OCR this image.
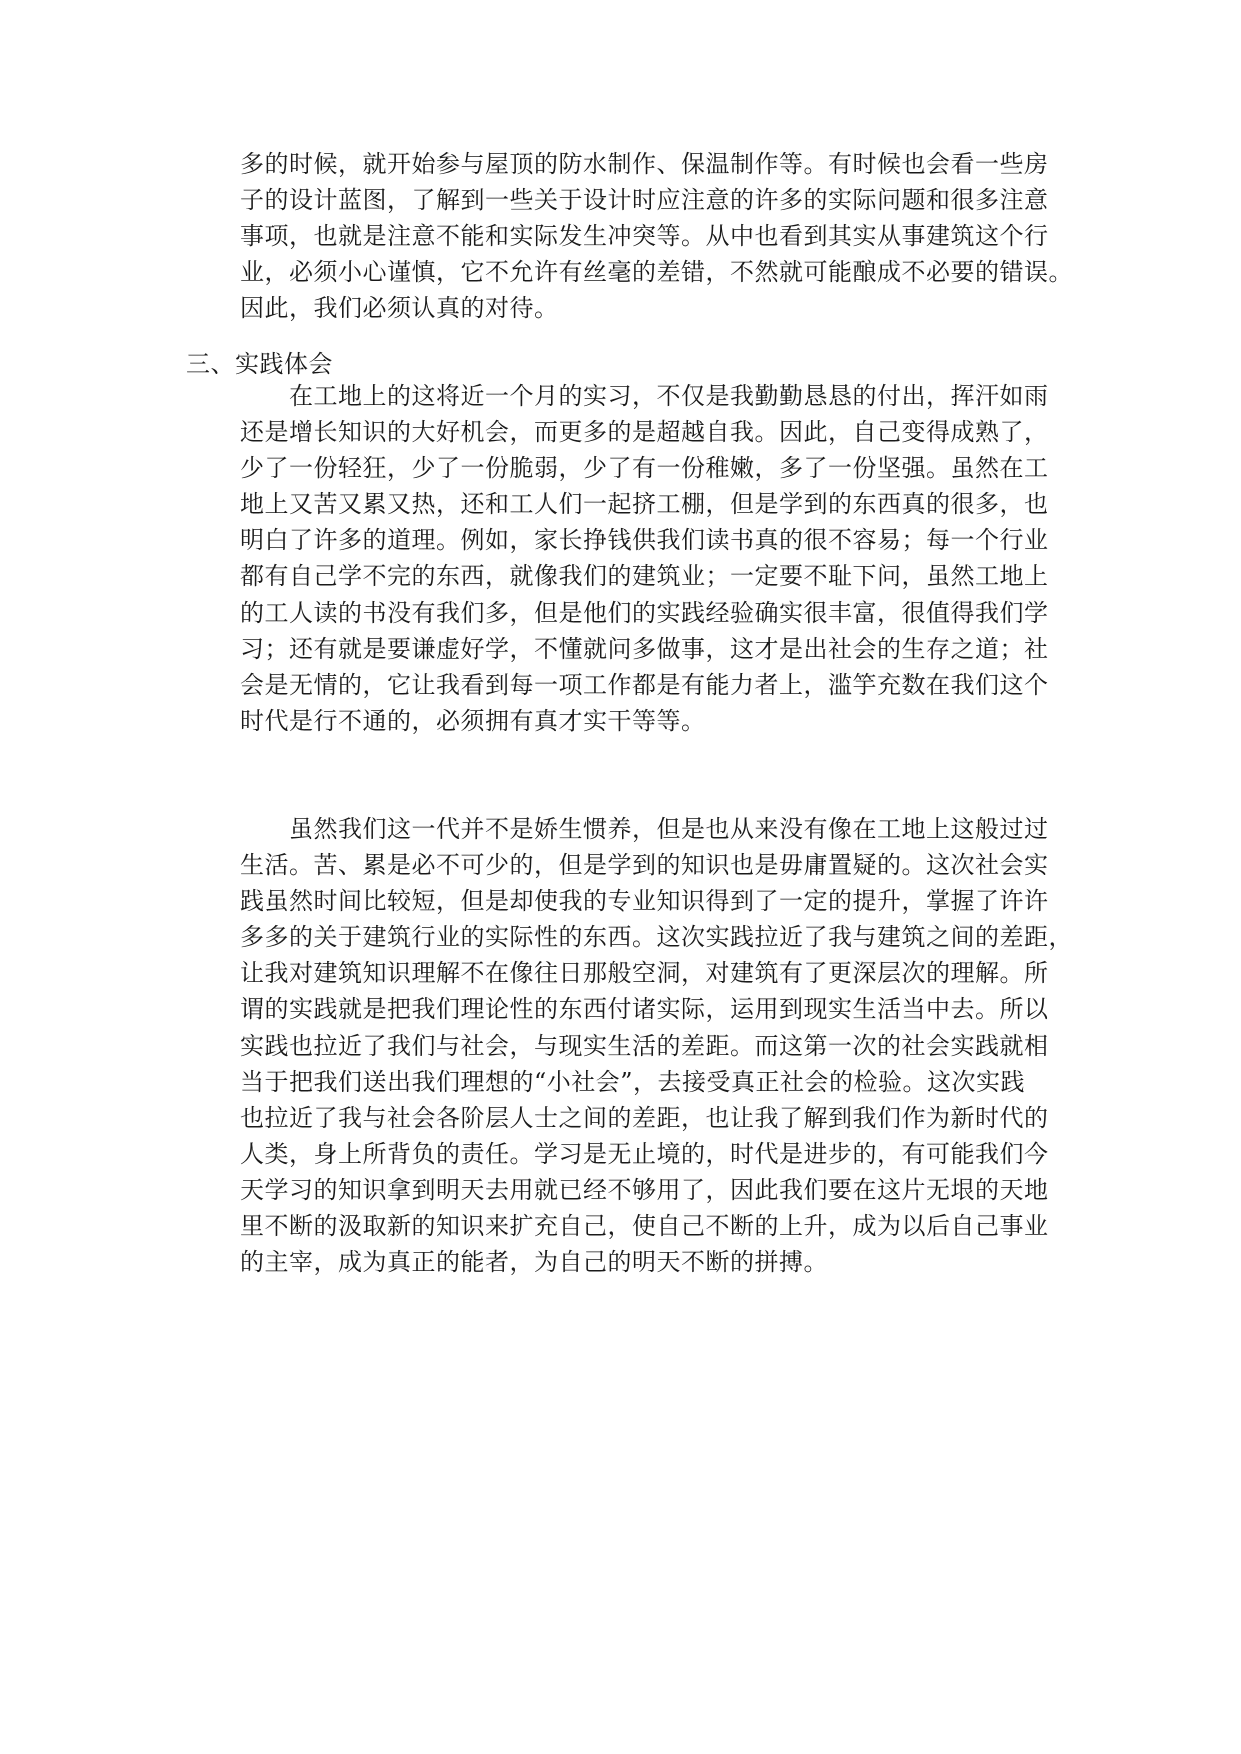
多的时候，就开始参与屋顶的防水制作、保温制作等。有时候也会看一些房
子的设计蓝图，了解到一些关于设计时应注意的许多的实际问题和很多注意
事项，也就是注意不能和实际发生冲突等。从中也看到其实从事建筑这个行
业，必须小心谨慎，它不允许有丝毫的差错，不然就可能酿成不必要的错误。
因此，我们必须认真的对待。
三、实践体会
　　在工地上的这将近一个月的实习，不仅是我勤勤恳恳的付出，挥汗如雨
还是增长知识的大好机会，而更多的是超越自我。因此，自己变得成熟了，
少了一份轻狂，少了一份脆弱，少了有一份稚嫩，多了一份坚强。虽然在工
地上又苦又累又热，还和工人们一起挤工棚，但是学到的东西真的很多，也
明白了许多的道理。例如，家长挣钱供我们读书真的很不容易；每一个行业
都有自己学不完的东西，就像我们的建筑业；一定要不耻下问，虽然工地上
的工人读的书没有我们多，但是他们的实践经验确实很丰富，很值得我们学
习；还有就是要谦虚好学，不懂就问多做事，这才是出社会的生存之道；社
会是无情的，它让我看到每一项工作都是有能力者上，滥竽充数在我们这个
时代是行不通的，必须拥有真才实干等等。
　　虽然我们这一代并不是娇生惯养，但是也从来没有像在工地上这般过过
生活。苦、累是必不可少的，但是学到的知识也是毋庸置疑的。这次社会实
践虽然时间比较短，但是却使我的专业知识得到了一定的提升，掌握了许许
多多的关于建筑行业的实际性的东西。这次实践拉近了我与建筑之间的差距，
让我对建筑知识理解不在像往日那般空洞，对建筑有了更深层次的理解。所
谓的实践就是把我们理论性的东西付诸实际，运用到现实生活当中去。所以
实践也拉近了我们与社会，与现实生活的差距。而这第一次的社会实践就相
当于把我们送出我们理想的“小社会”，去接受真正社会的检验。这次实践
也拉近了我与社会各阶层人士之间的差距，也让我了解到我们作为新时代的
人类，身上所背负的责任。学习是无止境的，时代是进步的，有可能我们今
天学习的知识拿到明天去用就已经不够用了，因此我们要在这片无垠的天地
里不断的汲取新的知识来扩充自己，使自己不断的上升，成为以后自己事业
的主宰，成为真正的能者，为自己的明天不断的拼搏。
